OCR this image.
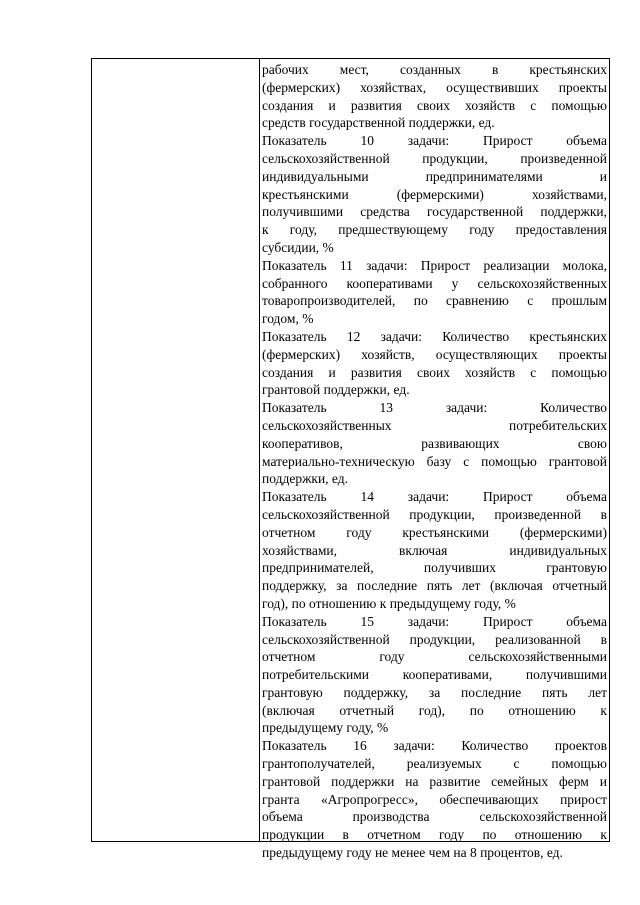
рабочих мест, созданных в крестьянских
(фермерских) хозяйствах, осуществивших проекты
создания и развития своих хозяйств с помощью
средств государственной поддержки, ед.
Показатель 10 задачи: Прирост объема
сельскохозяйственной продукции, произведенной
индивидуальными предпринимателями и
крестьянскими (фермерскими) хозяйствами,
получившими средства государственной поддержки,
к году, предшествующему году предоставления
субсидии, %
Показатель 11 задачи: Прирост реализации молока,
собранного кооперативами у сельскохозяйственных
товаропроизводителей, по сравнению с прошлым
годом, %
Показатель 12 задачи: Количество крестьянских
(фермерских) хозяйств, осуществляющих проекты
создания и развития своих хозяйств с помощью
грантовой поддержки, ед.
Показатель 13 задачи: Количество
сельскохозяйственных потребительских
кооперативов, развивающих свою
материально-техническую базу с помощью грантовой
поддержки, ед.
Показатель 14 задачи: Прирост объема
сельскохозяйственной продукции, произведенной в
отчетном году крестьянскими (фермерскими)
хозяйствами, включая индивидуальных
предпринимателей, получивших грантовую
поддержку, за последние пять лет (включая отчетный
год), по отношению к предыдущему году, %
Показатель 15 задачи: Прирост объема
сельскохозяйственной продукции, реализованной в
отчетном году сельскохозяйственными
потребительскими кооперативами, получившими
грантовую поддержку, за последние пять лет
(включая отчетный год), по отношению к
предыдущему году, %
Показатель 16 задачи: Количество проектов
грантополучателей, реализуемых с помощью
грантовой поддержки на развитие семейных ферм и
гранта «Агропрогресс», обеспечивающих прирост
объема производства сельскохозяйственной
продукции в отчетном году по отношению к
предыдущему году не менее чем на 8 процентов, ед.
